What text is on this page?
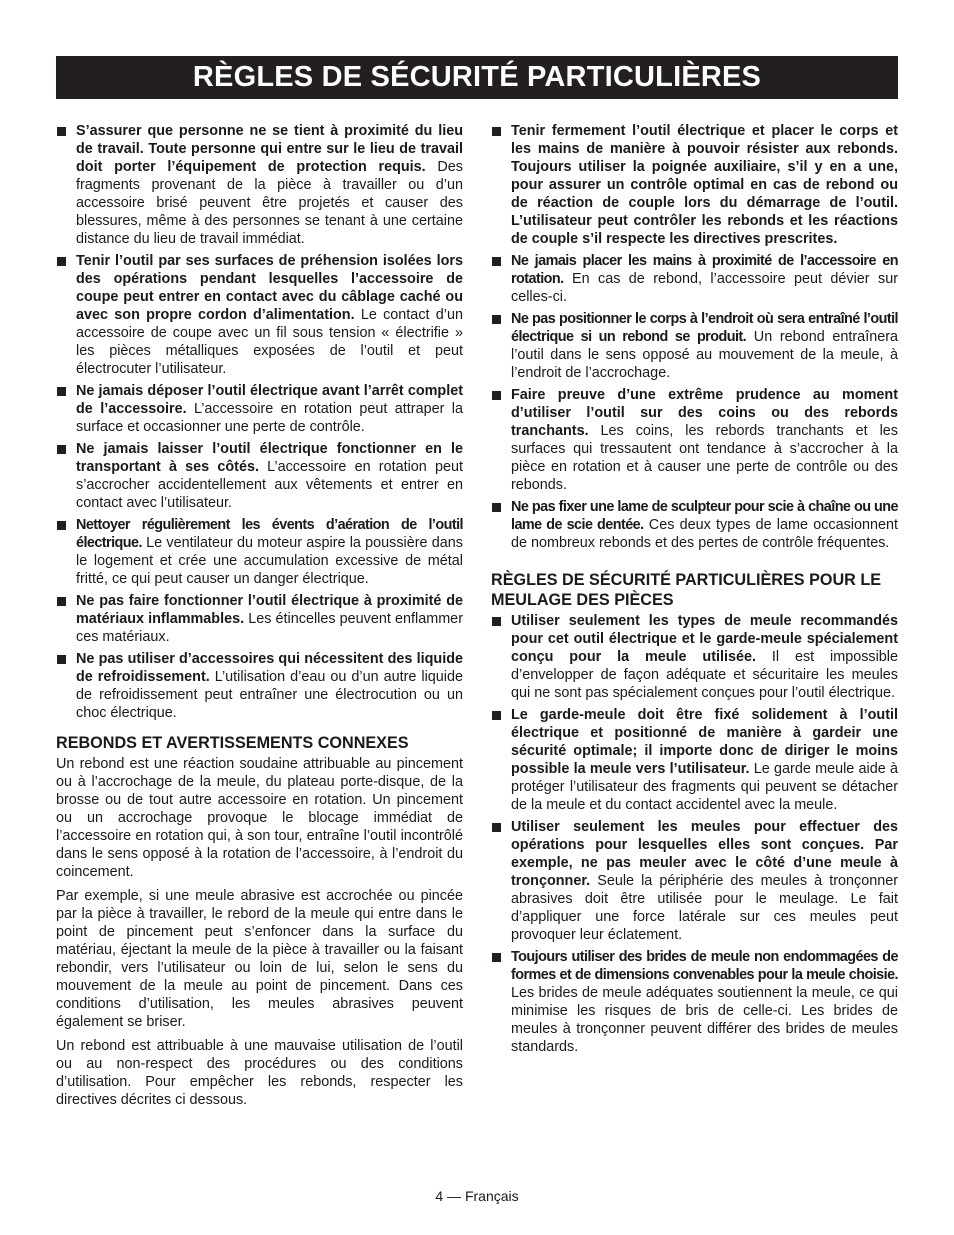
RÈGLES DE SÉCURITÉ PARTICULIÈRES
S’assurer que personne ne se tient à proximité du lieu de travail. Toute personne qui entre sur le lieu de travail doit porter l’équipement de protection requis. Des fragments provenant de la pièce à travailler ou d’un accessoire brisé peuvent être projetés et causer des blessures, même à des personnes se tenant à une certaine distance du lieu de travail immédiat.
Tenir l’outil par ses surfaces de préhension isolées lors des opérations pendant lesquelles l’accessoire de coupe peut entrer en contact avec du câblage caché ou avec son propre cordon d’alimentation. Le contact d’un accessoire de coupe avec un fil sous tension « électrifie » les pièces métalliques exposées de l’outil et peut électrocuter l’utilisateur.
Ne jamais déposer l’outil électrique avant l’arrêt complet de l’accessoire. L’accessoire en rotation peut attraper la surface et occasionner une perte de contrôle.
Ne jamais laisser l’outil électrique fonctionner en le transportant à ses côtés. L’accessoire en rotation peut s’accrocher accidentellement aux vêtements et entrer en contact avec l’utilisateur.
Nettoyer régulièrement les évents d’aération de l’outil électrique. Le ventilateur du moteur aspire la poussière dans le logement et crée une accumulation excessive de métal fritté, ce qui peut causer un danger électrique.
Ne pas faire fonctionner l’outil électrique à proximité de matériaux inflammables. Les étincelles peuvent enflammer ces matériaux.
Ne pas utiliser d’accessoires qui nécessitent des liquide de refroidissement. L’utilisation d’eau ou d’un autre liquide de refroidissement peut entraîner une électrocution ou un choc électrique.
REBONDS ET AVERTISSEMENTS CONNEXES

Un rebond est une réaction soudaine attribuable au pincement ou à l’accrochage de la meule, du plateau porte-disque, de la brosse ou de tout autre accessoire en rotation. Un pincement ou un accrochage provoque le blocage immédiat de l’accessoire en rotation qui, à son tour, entraîne l’outil incontrôlé dans le sens opposé à la rotation de l’accessoire, à l’endroit du coincement.

Par exemple, si une meule abrasive est accrochée ou pincée par la pièce à travailler, le rebord de la meule qui entre dans le point de pincement peut s’enfoncer dans la surface du matériau, éjectant la meule de la pièce à travailler ou la faisant rebondir, vers l’utilisateur ou loin de lui, selon le sens du mouvement de la meule au point de pincement. Dans ces conditions d’utilisation, les meules abrasives peuvent également se briser.

Un rebond est attribuable à une mauvaise utilisation de l’outil ou au non-respect des procédures ou des conditions d’utilisation. Pour empêcher les rebonds, respecter les directives décrites ci dessous.

Tenir fermement l’outil électrique et placer le corps et les mains de manière à pouvoir résister aux rebonds. Toujours utiliser la poignée auxiliaire, s’il y en a une, pour assurer un contrôle optimal en cas de rebond ou de réaction de couple lors du démarrage de l’outil. L’utilisateur peut contrôler les rebonds et les réactions de couple s’il respecte les directives prescrites.
Ne jamais placer les mains à proximité de l’accessoire en rotation. En cas de rebond, l’accessoire peut dévier sur celles-ci.
Ne pas positionner le corps à l’endroit où sera entraîné l’outil électrique si un rebond se produit. Un rebond entraînera l’outil dans le sens opposé au mouvement de la meule, à l’endroit de l’accrochage.
Faire preuve d’une extrême prudence au moment d’utiliser l’outil sur des coins ou des rebords tranchants. Les coins, les rebords tranchants et les surfaces qui tressautent ont tendance à s’accrocher à la pièce en rotation et à causer une perte de contrôle ou des rebonds.
Ne pas fixer une lame de sculpteur pour scie à chaîne ou une lame de scie dentée. Ces deux types de lame occasionnent de nombreux rebonds et des pertes de contrôle fréquentes.
RÈGLES DE SÉCURITÉ PARTICULIÈRES POUR LE MEULAGE DES PIÈCES
Utiliser seulement les types de meule recommandés pour cet outil électrique et le garde-meule spécialement conçu pour la meule utilisée. Il est impossible d’envelopper de façon adéquate et sécuritaire les meules qui ne sont pas spécialement conçues pour l’outil électrique.
Le garde-meule doit être fixé solidement à l’outil électrique et positionné de manière à gardeir une sécurité optimale; il importe donc de diriger le moins possible la meule vers l’utilisateur. Le garde meule aide à protéger l’utilisateur des fragments qui peuvent se détacher de la meule et du contact accidentel avec la meule.
Utiliser seulement les meules pour effectuer des opérations pour lesquelles elles sont conçues. Par exemple, ne pas meuler avec le côté d’une meule à tronçonner. Seule la périphérie des meules à tronçonner abrasives doit être utilisée pour le meulage. Le fait d’appliquer une force latérale sur ces meules peut provoquer leur éclatement.
Toujours utiliser des brides de meule non endommagées de formes et de dimensions convenables pour la meule choisie. Les brides de meule adéquates soutiennent la meule, ce qui minimise les risques de bris de celle-ci. Les brides de meules à tronçonner peuvent différer des brides de meules standards.
4 — Français
